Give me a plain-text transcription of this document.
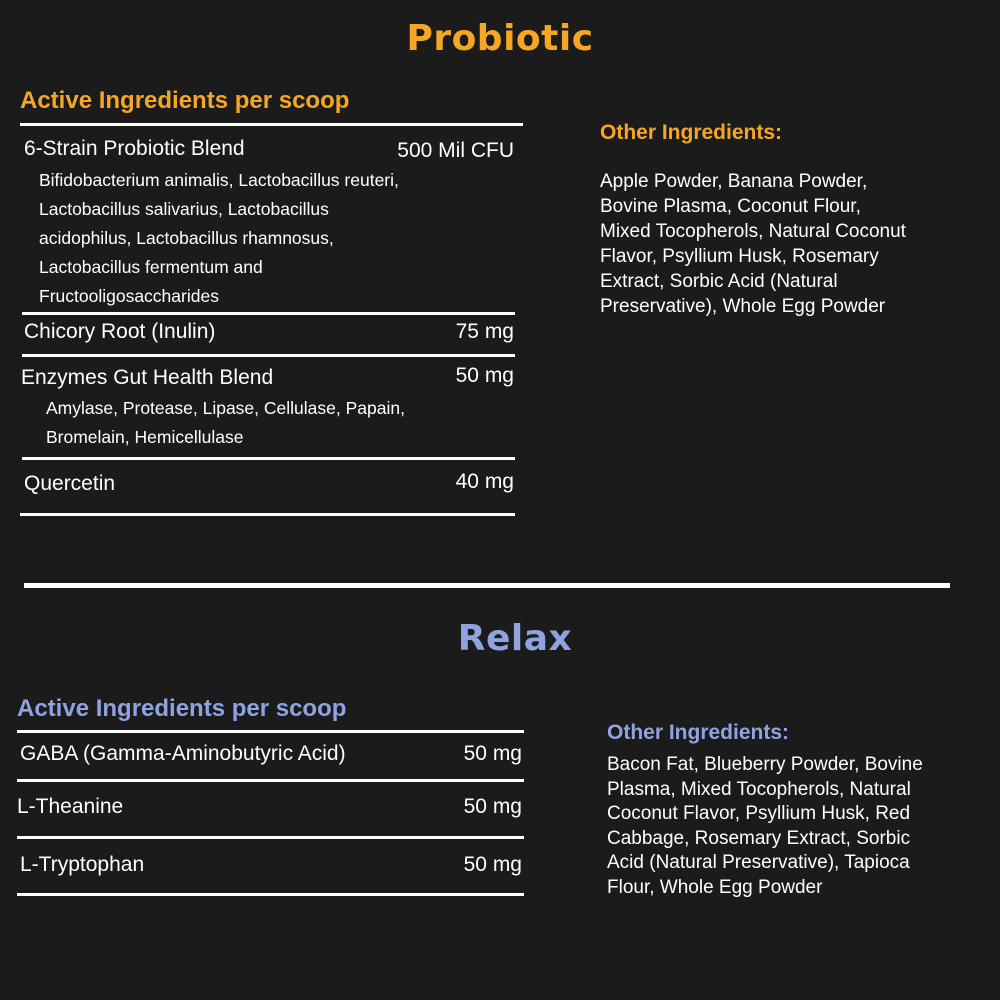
Probiotic
Active Ingredients per scoop
6-Strain Probiotic Blend	500 Mil CFU
Bifidobacterium animalis, Lactobacillus reuteri, Lactobacillus salivarius, Lactobacillus acidophilus, Lactobacillus rhamnosus, Lactobacillus fermentum and Fructooligosaccharides
Chicory Root (Inulin)	75 mg
Enzymes Gut Health Blend	50 mg
Amylase, Protease, Lipase, Cellulase, Papain, Bromelain, Hemicellulase
Quercetin	40 mg
Other Ingredients:
Apple Powder, Banana Powder, Bovine Plasma, Coconut Flour, Mixed Tocopherols, Natural Coconut Flavor, Psyllium Husk, Rosemary Extract, Sorbic Acid (Natural Preservative), Whole Egg Powder
Relax
Active Ingredients per scoop
GABA (Gamma-Aminobutyric Acid)	50 mg
L-Theanine	50 mg
L-Tryptophan	50 mg
Other Ingredients:
Bacon Fat, Blueberry Powder, Bovine Plasma, Mixed Tocopherols, Natural Coconut Flavor, Psyllium Husk, Red Cabbage, Rosemary Extract, Sorbic Acid (Natural Preservative), Tapioca Flour, Whole Egg Powder
